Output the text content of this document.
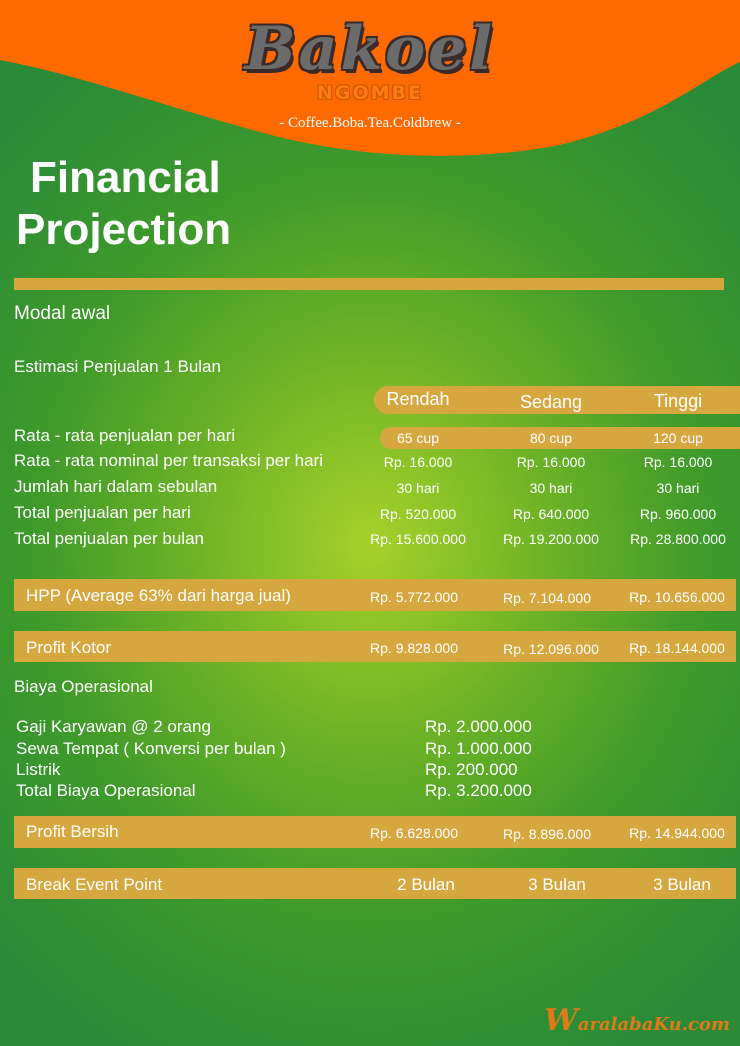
Bakoel
NGOMBE
- Coffee.Boba.Tea.Coldbrew -
Financial
Projection
Modal awal
Estimasi Penjualan 1 Bulan
Rendah	Sedang	Tinggi
Rata - rata penjualan per hari	65 cup	80 cup	120 cup
Rata - rata nominal per transaksi per hari	Rp. 16.000	Rp. 16.000	Rp. 16.000
Jumlah hari dalam sebulan	30 hari	30 hari	30 hari
Total penjualan per hari	Rp. 520.000	Rp. 640.000	Rp. 960.000
Total penjualan per bulan	Rp. 15.600.000	Rp. 19.200.000	Rp. 28.800.000
HPP (Average 63% dari harga jual)	Rp. 5.772.000	Rp. 7.104.000	Rp. 10.656.000
Profit Kotor	Rp. 9.828.000	Rp. 12.096.000	Rp. 18.144.000
Biaya Operasional
Gaji Karyawan @ 2 orang	Rp. 2.000.000
Sewa Tempat ( Konversi per bulan )	Rp. 1.000.000
Listrik	Rp. 200.000
Total Biaya Operasional	Rp. 3.200.000
Profit Bersih	Rp. 6.628.000	Rp. 8.896.000	Rp. 14.944.000
Break Event Point	2 Bulan	3 Bulan	3 Bulan
WaralabaKu.com
